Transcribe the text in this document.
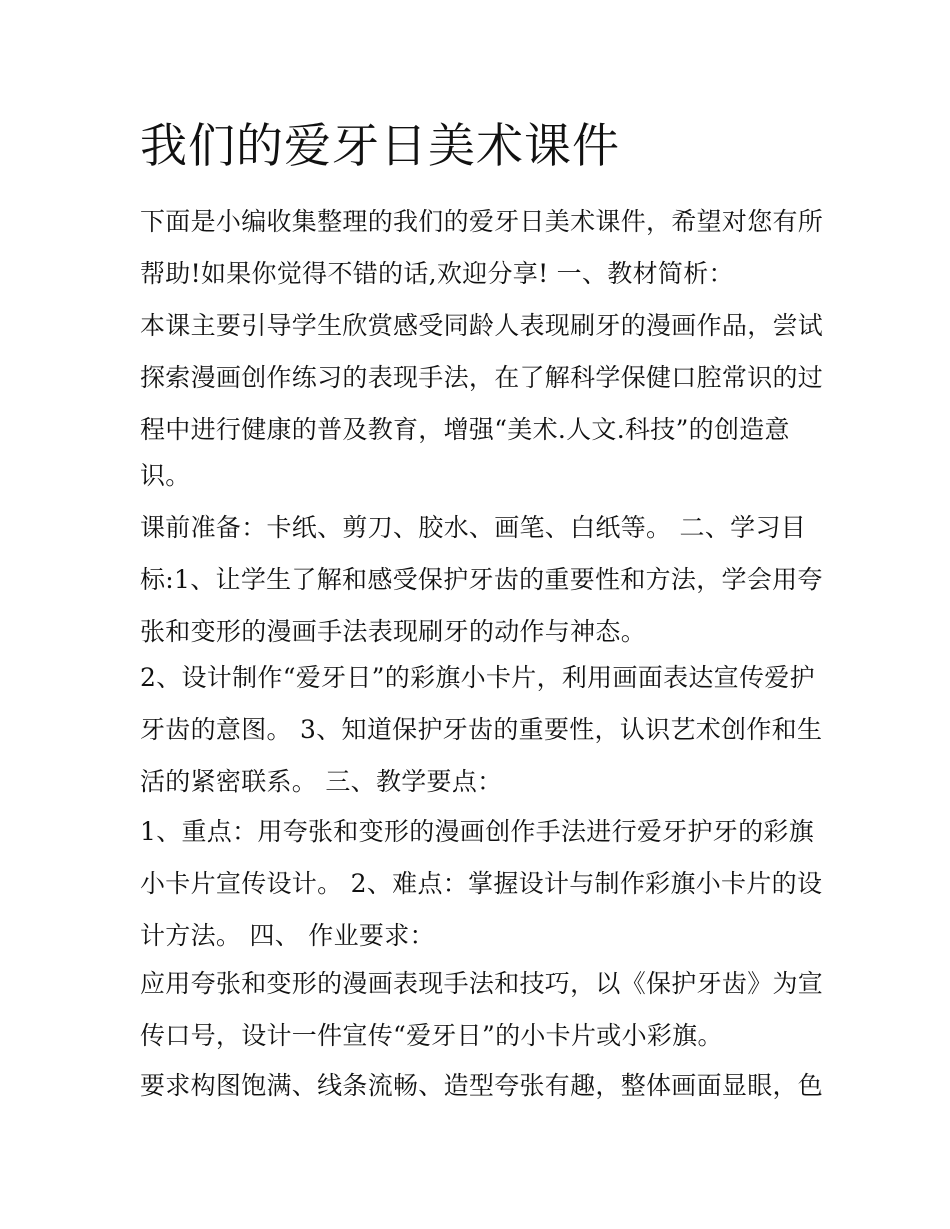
我们的爱牙日美术课件

下面是小编收集整理的我们的爱牙日美术课件，希望对您有所

帮助!如果你觉得不错的话,欢迎分享! 一、教材简析：

本课主要引导学生欣赏感受同龄人表现刷牙的漫画作品，尝试

探索漫画创作练习的表现手法，在了解科学保健口腔常识的过

程中进行健康的普及教育，增强“美术.人文.科技”的创造意

识。

课前准备：卡纸、剪刀、胶水、画笔、白纸等。 二、学习目

标:1、让学生了解和感受保护牙齿的重要性和方法，学会用夸

张和变形的漫画手法表现刷牙的动作与神态。

2、设计制作“爱牙日”的彩旗小卡片，利用画面表达宣传爱护

牙齿的意图。 3、知道保护牙齿的重要性，认识艺术创作和生

活的紧密联系。 三、教学要点：

1、重点：用夸张和变形的漫画创作手法进行爱牙护牙的彩旗

小卡片宣传设计。 2、难点：掌握设计与制作彩旗小卡片的设

计方法。 四、 作业要求：

应用夸张和变形的漫画表现手法和技巧，以《保护牙齿》为宣

传口号，设计一件宣传“爱牙日”的小卡片或小彩旗。

要求构图饱满、线条流畅、造型夸张有趣，整体画面显眼，色
